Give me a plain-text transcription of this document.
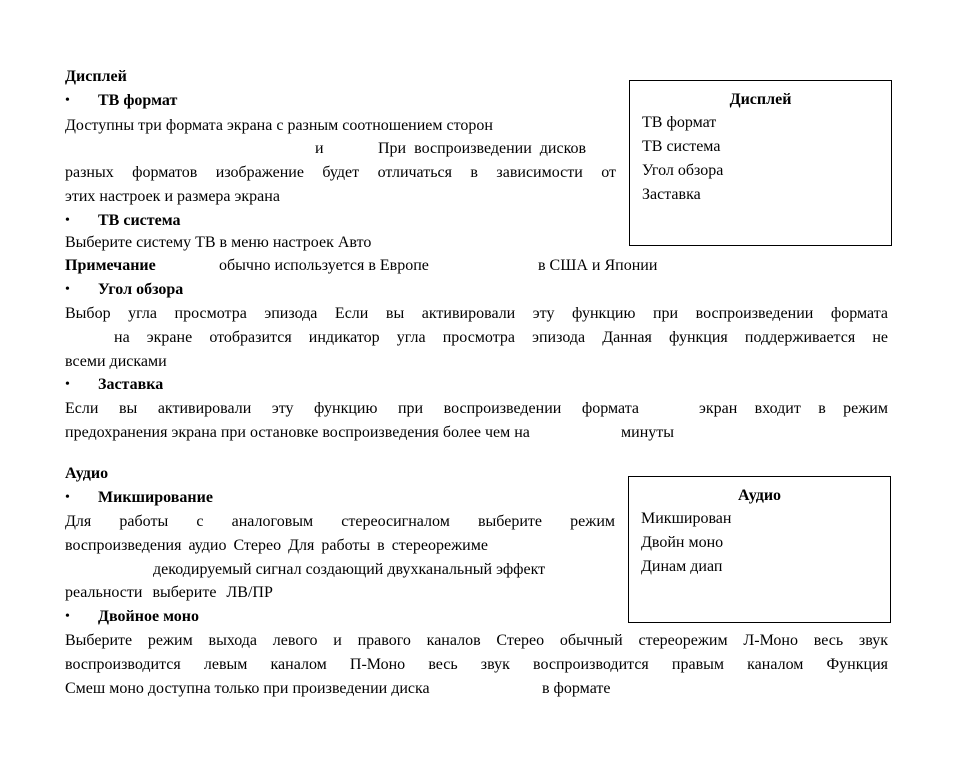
Дисплей
• ТВ формат
Доступны три формата экрана с разным соотношением сторон
и	При воспроизведении дисков
разных форматов изображение будет отличаться в зависимости от
этих настроек и размера экрана
• ТВ система
Выберите систему ТВ в меню настроек Авто
Примечание	обычно используется в Европе	в США и Японии
• Угол обзора
Выбор угла просмотра эпизода Если вы активировали эту функцию при воспроизведении формата
на экране отобразится индикатор угла просмотра эпизода Данная функция поддерживается не
всеми дисками
• Заставка
Если вы активировали эту функцию при воспроизведении формата	экран входит в режим
предохранения экрана при остановке воспроизведения более чем на	минуты
Дисплей
ТВ формат
ТВ система
Угол обзора
Заставка
Аудио
• Микширование
Для работы с аналоговым стереосигналом выберите режим
воспроизведения аудио Стерео Для работы в стереорежиме
декодируемый сигнал создающий двухканальный эффект
реальности выберите ЛВ/ПР
• Двойное моно
Выберите режим выхода левого и правого каналов Стерео обычный стереорежим Л-Моно весь звук
воспроизводится левым каналом П-Моно весь звук воспроизводится правым каналом Функция
Смеш моно доступна только при произведении диска	в формате
Аудио
Микширован
Двойн моно
Динам диап
